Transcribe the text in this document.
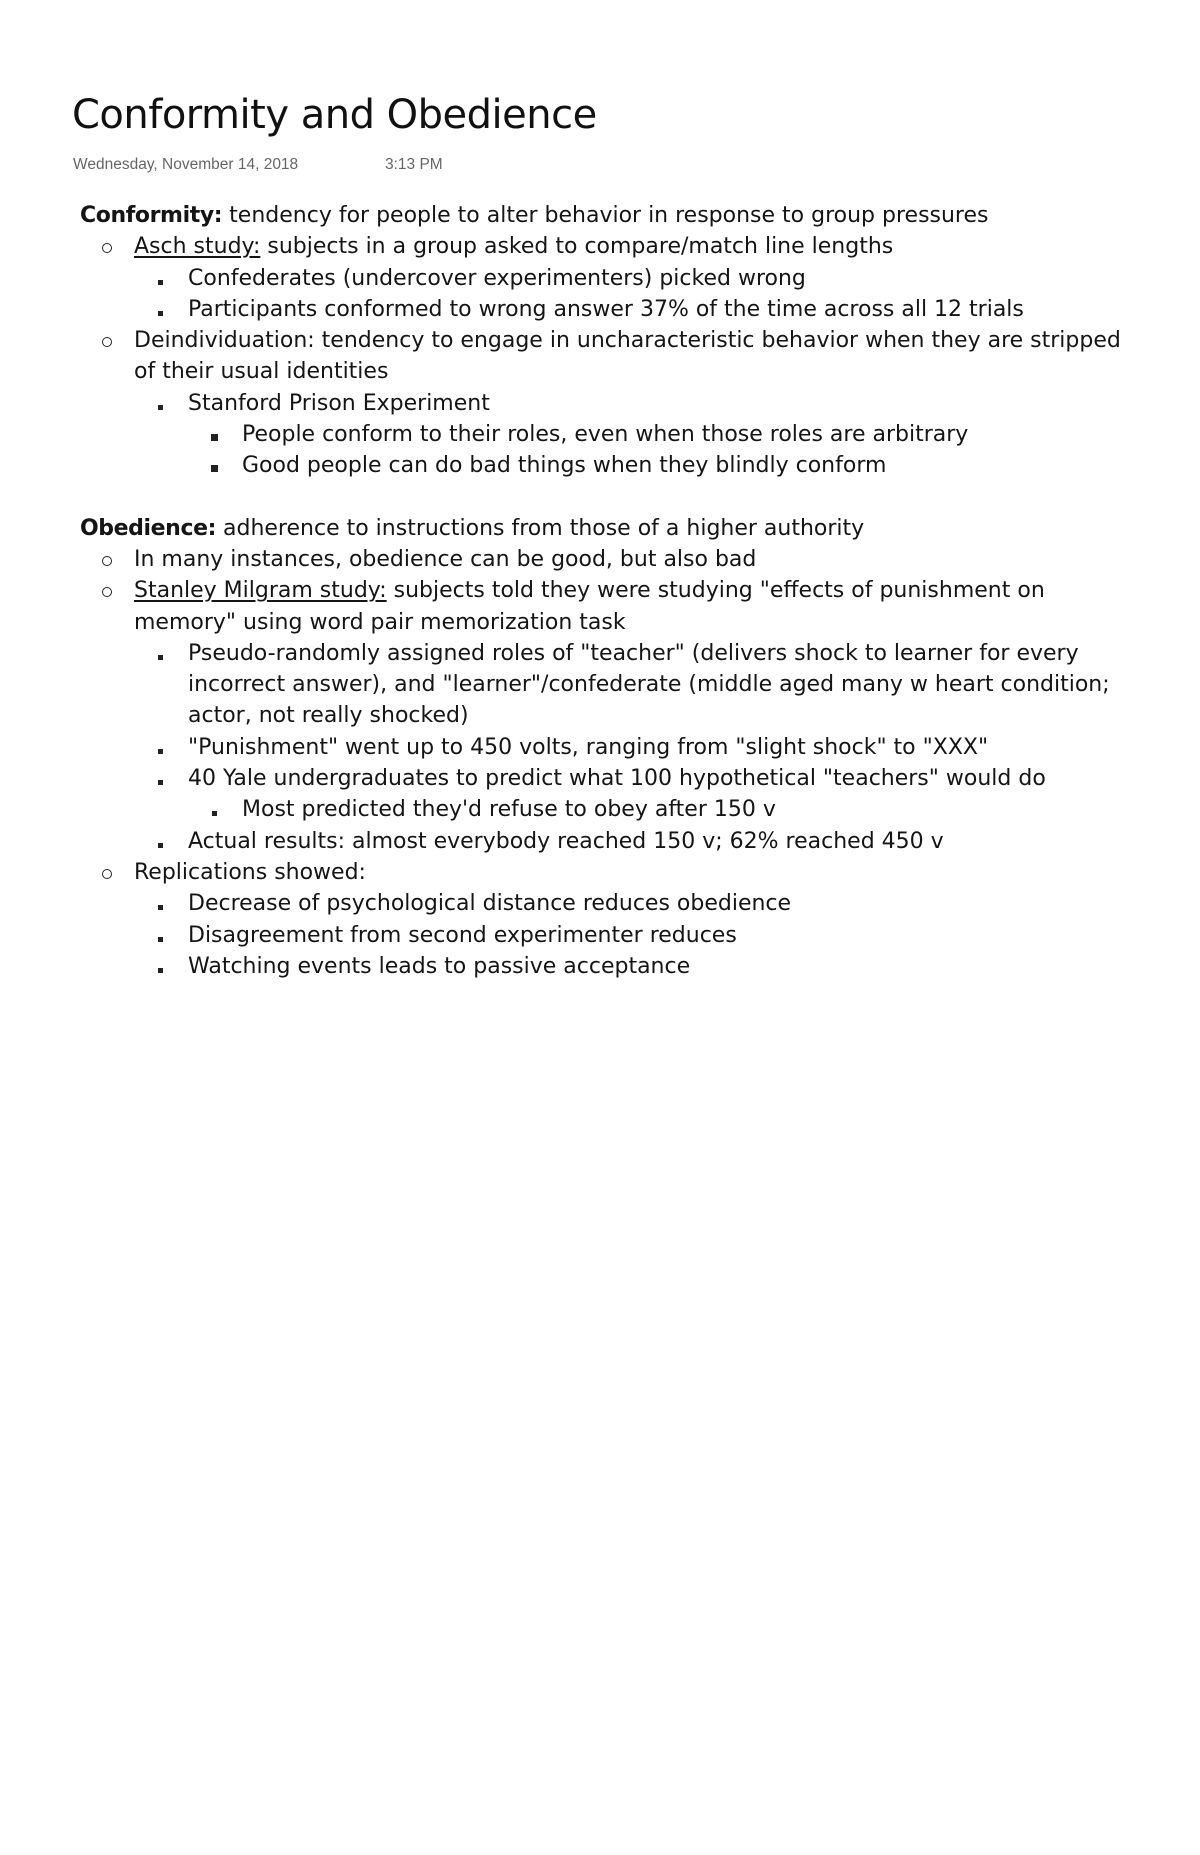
Conformity and Obedience
Wednesday, November 14, 2018	3:13 PM
Conformity: tendency for people to alter behavior in response to group pressures
Asch study: subjects in a group asked to compare/match line lengths
Confederates (undercover experimenters) picked wrong
Participants conformed to wrong answer 37% of the time across all 12 trials
Deindividuation: tendency to engage in uncharacteristic behavior when they are stripped of their usual identities
Stanford Prison Experiment
People conform to their roles, even when those roles are arbitrary
Good people can do bad things when they blindly conform
Obedience: adherence to instructions from those of a higher authority
In many instances, obedience can be good, but also bad
Stanley Milgram study: subjects told they were studying "effects of punishment on memory" using word pair memorization task
Pseudo-randomly assigned roles of "teacher" (delivers shock to learner for every incorrect answer), and "learner"/confederate (middle aged many w heart condition; actor, not really shocked)
"Punishment" went up to 450 volts, ranging from "slight shock" to "XXX"
40 Yale undergraduates to predict what 100 hypothetical "teachers" would do
Most predicted they'd refuse to obey after 150 v
Actual results: almost everybody reached 150 v; 62% reached 450 v
Replications showed:
Decrease of psychological distance reduces obedience
Disagreement from second experimenter reduces
Watching events leads to passive acceptance
